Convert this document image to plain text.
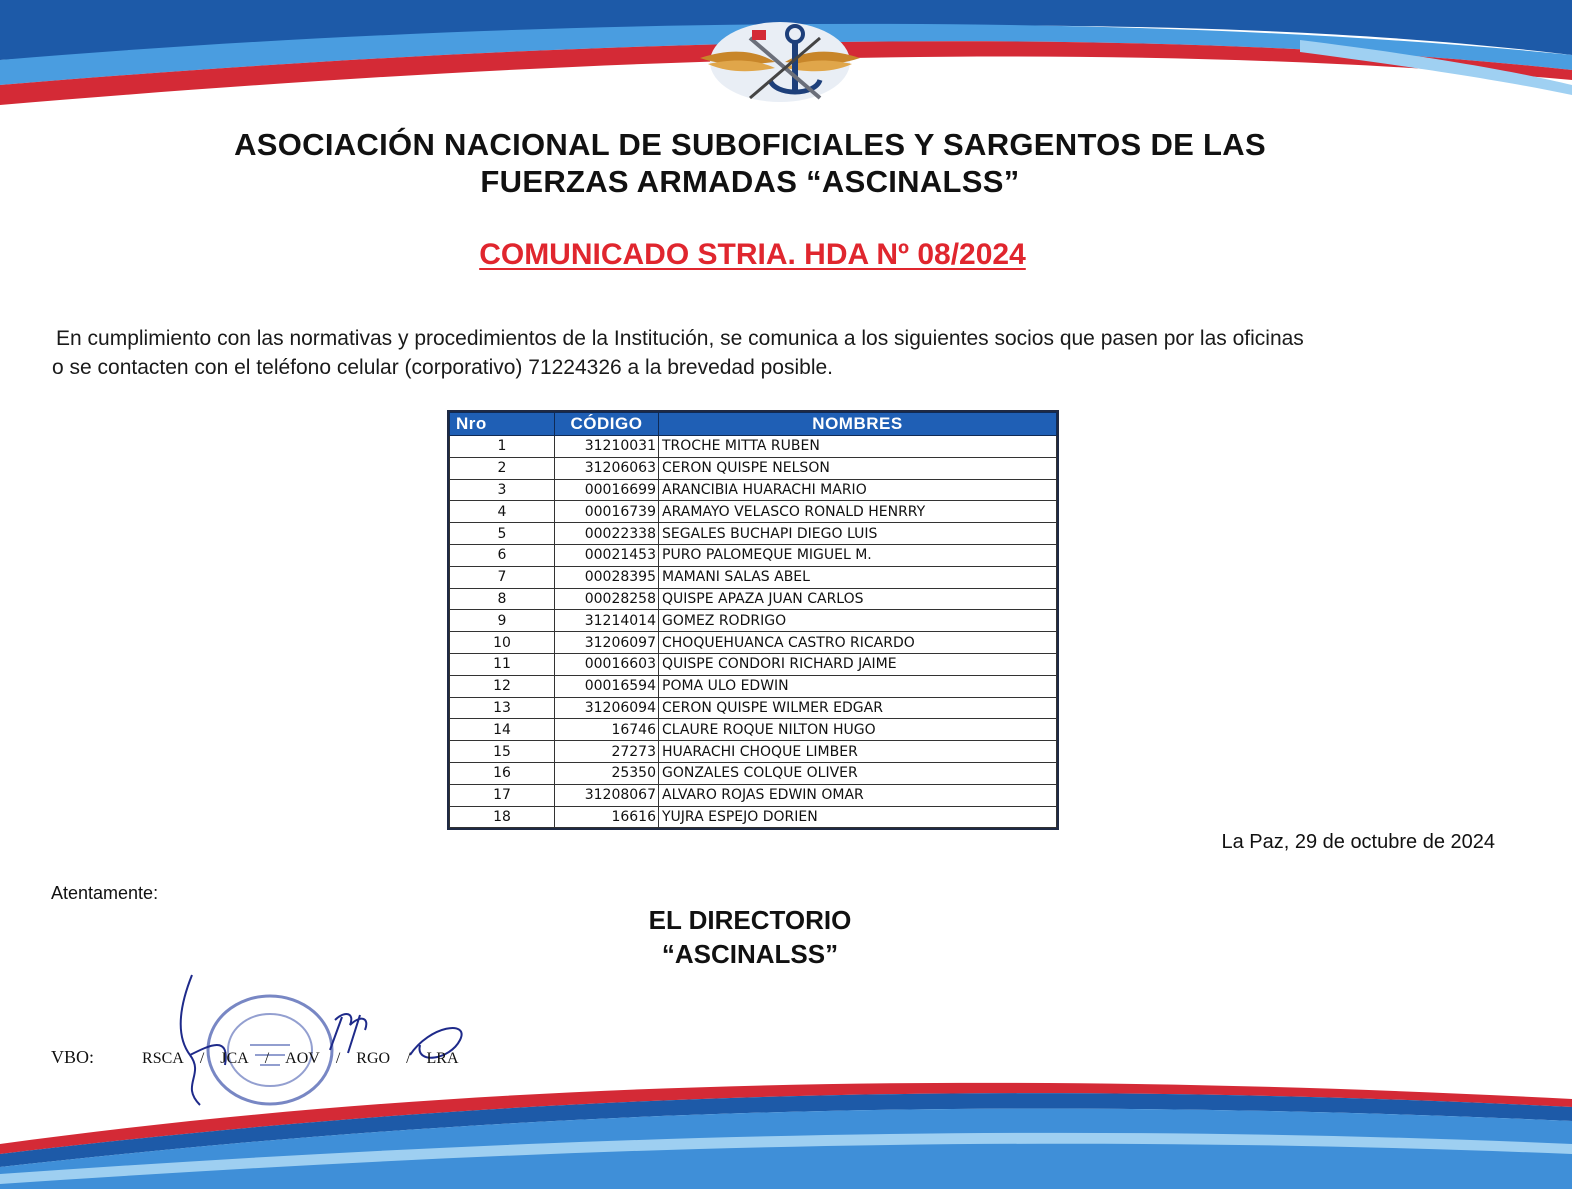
ASOCIACIÓN NACIONAL DE SUBOFICIALES Y SARGENTOS DE LAS
FUERZAS ARMADAS “ASCINALSS”
COMUNICADO STRIA. HDA Nº 08/2024
En cumplimiento con las normativas y procedimientos de la Institución, se comunica a los siguientes socios que pasen por las oficinas
o se contacten con el teléfono celular (corporativo) 71224326 a la brevedad posible.
Nro	CÓDIGO	NOMBRES
1	31210031	TROCHE MITTA RUBEN
2	31206063	CERON QUISPE NELSON
3	00016699	ARANCIBIA HUARACHI MARIO
4	00016739	ARAMAYO VELASCO RONALD HENRRY
5	00022338	SEGALES BUCHAPI DIEGO LUIS
6	00021453	PURO PALOMEQUE MIGUEL M.
7	00028395	MAMANI SALAS ABEL
8	00028258	QUISPE APAZA JUAN CARLOS
9	31214014	GOMEZ RODRIGO
10	31206097	CHOQUEHUANCA CASTRO RICARDO
11	00016603	QUISPE CONDORI RICHARD JAIME
12	00016594	POMA ULO EDWIN
13	31206094	CERON QUISPE WILMER EDGAR
14	16746	CLAURE ROQUE NILTON HUGO
15	27273	HUARACHI CHOQUE LIMBER
16	25350	GONZALES COLQUE OLIVER
17	31208067	ALVARO ROJAS EDWIN OMAR
18	16616	YUJRA ESPEJO DORIEN
La Paz, 29 de octubre de 2024
Atentamente:
EL DIRECTORIO
“ASCINALSS”
VBO:	RSCA / JCA / AOV / RGO / LRA
